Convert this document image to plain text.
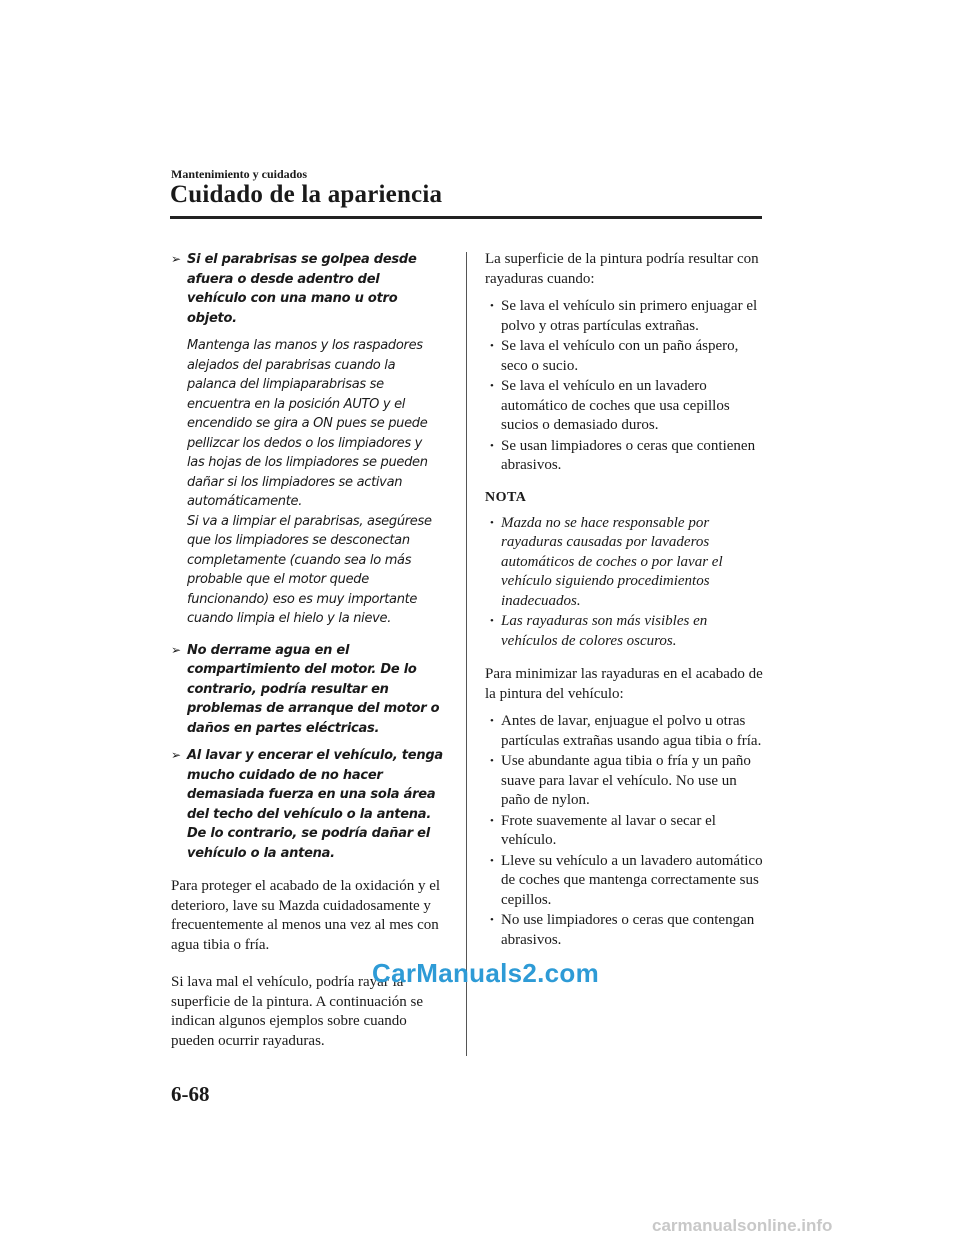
Mantenimiento y cuidados
Cuidado de la apariencia
➢ Si el parabrisas se golpea desde afuera o desde adentro del vehículo con una mano u otro objeto.

Mantenga las manos y los raspadores alejados del parabrisas cuando la palanca del limpiaparabrisas se encuentra en la posición AUTO y el encendido se gira a ON pues se puede pellizcar los dedos o los limpiadores y las hojas de los limpiadores se pueden dañar si los limpiadores se activan automáticamente.

Si va a limpiar el parabrisas, asegúrese que los limpiadores se desconectan completamente (cuando sea lo más probable que el motor quede funcionando) eso es muy importante cuando limpia el hielo y la nieve.

➢ No derrame agua en el compartimiento del motor. De lo contrario, podría resultar en problemas de arranque del motor o daños en partes eléctricas.
➢ Al lavar y encerar el vehículo, tenga mucho cuidado de no hacer demasiada fuerza en una sola área del techo del vehículo o la antena. De lo contrario, se podría dañar el vehículo o la antena.

Para proteger el acabado de la oxidación y el deterioro, lave su Mazda cuidadosamente y frecuentemente al menos una vez al mes con agua tibia o fría.

Si lava mal el vehículo, podría rayar la superficie de la pintura. A continuación se indican algunos ejemplos sobre cuando pueden ocurrir rayaduras.

La superficie de la pintura podría resultar con rayaduras cuando:

• Se lava el vehículo sin primero enjuagar el polvo y otras partículas extrañas.
• Se lava el vehículo con un paño áspero, seco o sucio.
• Se lava el vehículo en un lavadero automático de coches que usa cepillos sucios o demasiado duros.
• Se usan limpiadores o ceras que contienen abrasivos.
NOTA
• Mazda no se hace responsable por rayaduras causadas por lavaderos automáticos de coches o por lavar el vehículo siguiendo procedimientos inadecuados.
• Las rayaduras son más visibles en vehículos de colores oscuros.

Para minimizar las rayaduras en el acabado de la pintura del vehículo:

• Antes de lavar, enjuague el polvo u otras partículas extrañas usando agua tibia o fría.
• Use abundante agua tibia o fría y un paño suave para lavar el vehículo. No use un paño de nylon.
• Frote suavemente al lavar o secar el vehículo.
• Lleve su vehículo a un lavadero automático de coches que mantenga correctamente sus cepillos.
• No use limpiadores o ceras que contengan abrasivos.
CarManuals2.com
6-68
carmanualsonline.info
